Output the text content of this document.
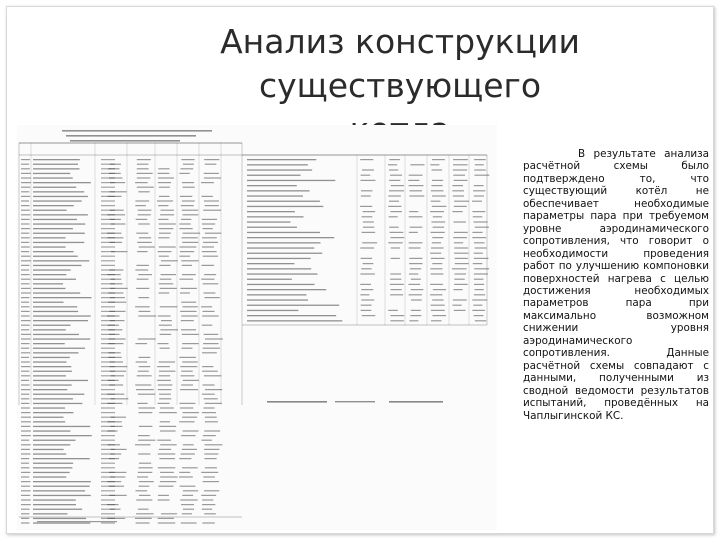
Анализ конструкции существующего
В результате анализа расчётной схемы было подтверждено то, что существующий котёл не обеспечивает необходимые параметры пара при требуемом уровне аэродинамического сопротивления, что говорит о необходимости проведения работ по улучшению компоновки поверхностей нагрева с целью достижения необходимых параметров пара при максимально возможном снижении уровня аэродинамического сопротивления. Данные расчётной схемы совпадают с данными, полученными из сводной ведомости результатов испытаний, проведённых на Чаплыгинской КС.
